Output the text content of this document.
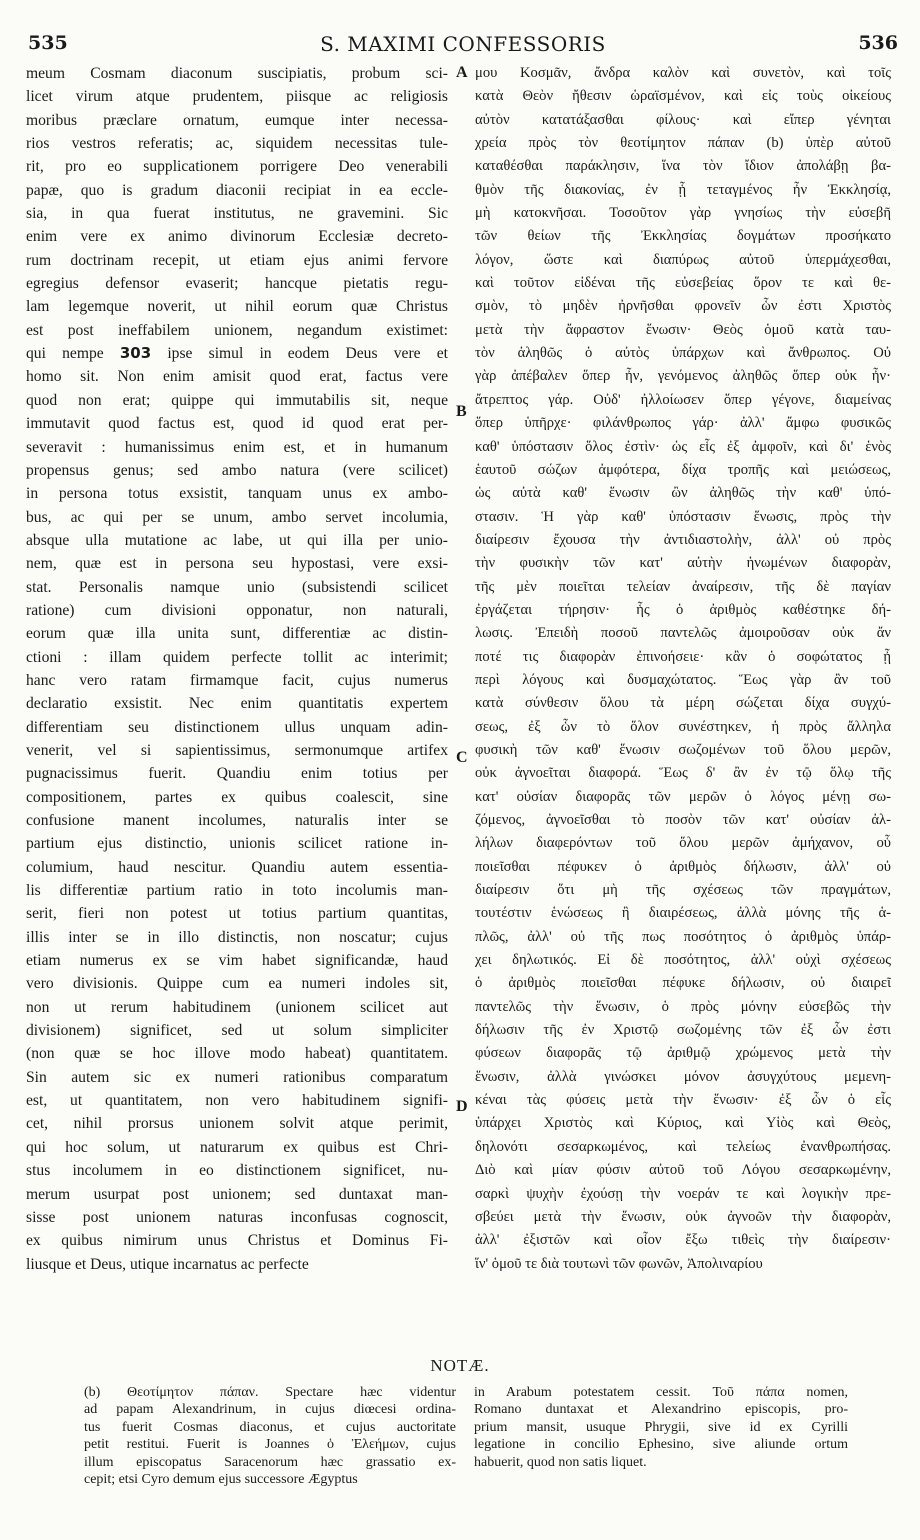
535	S. MAXIMI CONFESSORIS	536
meum Cosmam diaconum suscipiatis, probum sci-
licet virum atque prudentem, piisque ac religiosis
moribus præclare ornatum, eumque inter necessa-
rios vestros referatis; ac, siquidem necessitas tule-
rit, pro eo supplicationem porrigere Deo venerabili
papæ, quo is gradum diaconii recipiat in ea eccle-
sia, in qua fuerat institutus, ne gravemini. Sic
enim vere ex animo divinorum Ecclesiæ decreto-
rum doctrinam recepit, ut etiam ejus animi fervore
egregius defensor evaserit; hancque pietatis regu-
lam legemque noverit, ut nihil eorum quæ Christus
est post ineffabilem unionem, negandum existimet:
qui nempe 303 ipse simul in eodem Deus vere et
homo sit. Non enim amisit quod erat, factus vere
quod non erat; quippe qui immutabilis sit, neque
immutavit quod factus est, quod id quod erat per-
severavit : humanissimus enim est, et in humanum
propensus genus; sed ambo natura (vere scilicet)
in persona totus exsistit, tanquam unus ex ambo-
bus, ac qui per se unum, ambo servet incolumia,
absque ulla mutatione ac labe, ut qui illa per unio-
nem, quæ est in persona seu hypostasi, vere exsi-
stat. Personalis namque unio (subsistendi scilicet
ratione) cum divisioni opponatur, non naturali,
eorum quæ illa unita sunt, differentiæ ac distin-
ctioni : illam quidem perfecte tollit ac interimit;
hanc vero ratam firmamque facit, cujus numerus
declaratio exsistit. Nec enim quantitatis expertem
differentiam seu distinctionem ullus unquam adin-
venerit, vel si sapientissimus, sermonumque artifex
pugnacissimus fuerit. Quandiu enim totius per
compositionem, partes ex quibus coalescit, sine
confusione manent incolumes, naturalis inter se
partium ejus distinctio, unionis scilicet ratione in-
columium, haud nescitur. Quandiu autem essentia-
lis differentiæ partium ratio in toto incolumis man-
serit, fieri non potest ut totius partium quantitas,
illis inter se in illo distinctis, non noscatur; cujus
etiam numerus ex se vim habet significandæ, haud
vero divisionis. Quippe cum ea numeri indoles sit,
non ut rerum habitudinem (unionem scilicet aut
divisionem) significet, sed ut solum simpliciter
(non quæ se hoc illove modo habeat) quantitatem.
Sin autem sic ex numeri rationibus comparatum
est, ut quantitatem, non vero habitudinem signifi-
cet, nihil prorsus unionem solvit atque perimit,
qui hoc solum, ut naturarum ex quibus est Chri-
stus incolumem in eo distinctionem significet, nu-
merum usurpat post unionem; sed duntaxat man-
sisse post unionem naturas inconfusas cognoscit,
ex quibus nimirum unus Christus et Dominus Fi-
liusque et Deus, utique incarnatus ac perfecte
μου Κοσμᾶν, ἄνδρα καλὸν καὶ συνετὸν, καὶ τοῖς
κατὰ Θεὸν ἤθεσιν ὡραϊσμένον, καὶ εἰς τοὺς οἰκείους
αὐτὸν κατατάξασθαι φίλους· καὶ εἴπερ γένηται
χρεία πρὸς τὸν θεοτίμητον πάπαν (b) ὑπὲρ αὐτοῦ
καταθέσθαι παράκλησιν, ἵνα τὸν ἴδιον ἀπολάβῃ βα-
θμὸν τῆς διακονίας, ἐν ᾗ τεταγμένος ἦν Ἐκκλησίᾳ,
μὴ κατοκνῆσαι. Τοσοῦτον γὰρ γνησίως τὴν εὐσεβῆ
τῶν θείων τῆς Ἐκκλησίας δογμάτων προσήκατο
λόγον, ὥστε καὶ διαπύρως αὐτοῦ ὑπερμάχεσθαι,
καὶ τοῦτον εἰδέναι τῆς εὐσεβείας ὅρον τε καὶ θε-
σμὸν, τὸ μηδὲν ἠρνῆσθαι φρονεῖν ὧν ἐστι Χριστὸς
μετὰ τὴν ἄφραστον ἕνωσιν· Θεὸς ὁμοῦ κατὰ ταυ-
τὸν ἀληθῶς ὁ αὐτὸς ὑπάρχων καὶ ἄνθρωπος. Οὐ
γὰρ ἀπέβαλεν ὅπερ ἦν, γενόμενος ἀληθῶς ὅπερ οὐκ ἦν·
ἄτρεπτος γάρ. Οὐδ' ἠλλοίωσεν ὅπερ γέγονε, διαμείνας
ὅπερ ὑπῆρχε· φιλάνθρωπος γάρ· ἀλλ' ἄμφω φυσικῶς
καθ' ὑπόστασιν ὅλος ἐστὶν· ὡς εἷς ἐξ ἀμφοῖν, καὶ δι' ἑνὸς
ἑαυτοῦ σώζων ἀμφότερα, δίχα τροπῆς καὶ μειώσεως,
ὡς αὐτὰ καθ' ἕνωσιν ὢν ἀληθῶς τὴν καθ' ὑπό-
στασιν. Ἡ γὰρ καθ' ὑπόστασιν ἕνωσις, πρὸς τὴν
διαίρεσιν ἔχουσα τὴν ἀντιδιαστολὴν, ἀλλ' οὐ πρὸς
τὴν φυσικὴν τῶν κατ' αὐτὴν ἡνωμένων διαφορὰν,
τῆς μὲν ποιεῖται τελείαν ἀναίρεσιν, τῆς δὲ παγίαν
ἐργάζεται τήρησιν· ἧς ὁ ἀριθμὸς καθέστηκε δή-
λωσις. Ἐπειδὴ ποσοῦ παντελῶς ἀμοιροῦσαν οὐκ ἄν
ποτέ τις διαφορὰν ἐπινοήσειε· κἂν ὁ σοφώτατος ᾖ
περὶ λόγους καὶ δυσμαχώτατος. Ἕως γὰρ ἂν τοῦ
κατὰ σύνθεσιν ὅλου τὰ μέρη σώζεται δίχα συγχύ-
σεως, ἐξ ὧν τὸ ὅλον συνέστηκεν, ἡ πρὸς ἄλληλα
φυσικὴ τῶν καθ' ἕνωσιν σωζομένων τοῦ ὅλου μερῶν,
οὐκ ἀγνοεῖται διαφορά. Ἕως δ' ἂν ἐν τῷ ὅλῳ τῆς
κατ' οὐσίαν διαφορᾶς τῶν μερῶν ὁ λόγος μένῃ σω-
ζόμενος, ἀγνοεῖσθαι τὸ ποσὸν τῶν κατ' οὐσίαν ἀλ-
λήλων διαφερόντων τοῦ ὅλου μερῶν ἀμήχανον, οὗ
ποιεῖσθαι πέφυκεν ὁ ἀριθμὸς δήλωσιν, ἀλλ' οὐ
διαίρεσιν ὅτι μὴ τῆς σχέσεως τῶν πραγμάτων,
τουτέστιν ἑνώσεως ἢ διαιρέσεως, ἀλλὰ μόνης τῆς ἁ-
πλῶς, ἀλλ' οὐ τῆς πως ποσότητος ὁ ἀριθμὸς ὑπάρ-
χει δηλωτικός. Εἰ δὲ ποσότητος, ἀλλ' οὐχὶ σχέσεως
ὁ ἀριθμὸς ποιεῖσθαι πέφυκε δήλωσιν, οὐ διαιρεῖ
παντελῶς τὴν ἕνωσιν, ὁ πρὸς μόνην εὐσεβῶς τὴν
δήλωσιν τῆς ἐν Χριστῷ σωζομένης τῶν ἐξ ὧν ἐστι
φύσεων διαφορᾶς τῷ ἀριθμῷ χρώμενος μετὰ τὴν
ἕνωσιν, ἀλλὰ γινώσκει μόνον ἀσυγχύτους μεμενη-
κέναι τὰς φύσεις μετὰ τὴν ἕνωσιν· ἐξ ὧν ὁ εἷς
ὑπάρχει Χριστὸς καὶ Κύριος, καὶ Υἱὸς καὶ Θεὸς,
δηλονότι σεσαρκωμένος, καὶ τελείως ἐνανθρωπήσας.
Διὸ καὶ μίαν φύσιν αὐτοῦ τοῦ Λόγου σεσαρκωμένην,
σαρκὶ ψυχὴν ἐχούσῃ τὴν νοεράν τε καὶ λογικὴν πρε-
σβεύει μετὰ τὴν ἕνωσιν, οὐκ ἀγνοῶν τὴν διαφορὰν,
ἀλλ' ἐξιστῶν καὶ οἷον ἔξω τιθεὶς τὴν διαίρεσιν·
ἵν' ὁμοῦ τε διὰ τουτωνὶ τῶν φωνῶν, Ἀπολιναρίου
A
B
C
D
NOTÆ.
(b) Θεοτίμητον πάπαν. Spectare hæc videntur
ad papam Alexandrinum, in cujus diœcesi ordina-
tus fuerit Cosmas diaconus, et cujus auctoritate
petit restitui. Fuerit is Joannes ὁ Ἐλεήμων, cujus
illum episcopatus Saracenorum hæc grassatio ex-
cepit; etsi Cyro demum ejus successore Ægyptus
in Arabum potestatem cessit. Τοῦ πάπα nomen,
Romano duntaxat et Alexandrino episcopis, pro-
prium mansit, usuque Phrygii, sive id ex Cyrilli
legatione in concilio Ephesino, sive aliunde ortum
habuerit, quod non satis liquet.
